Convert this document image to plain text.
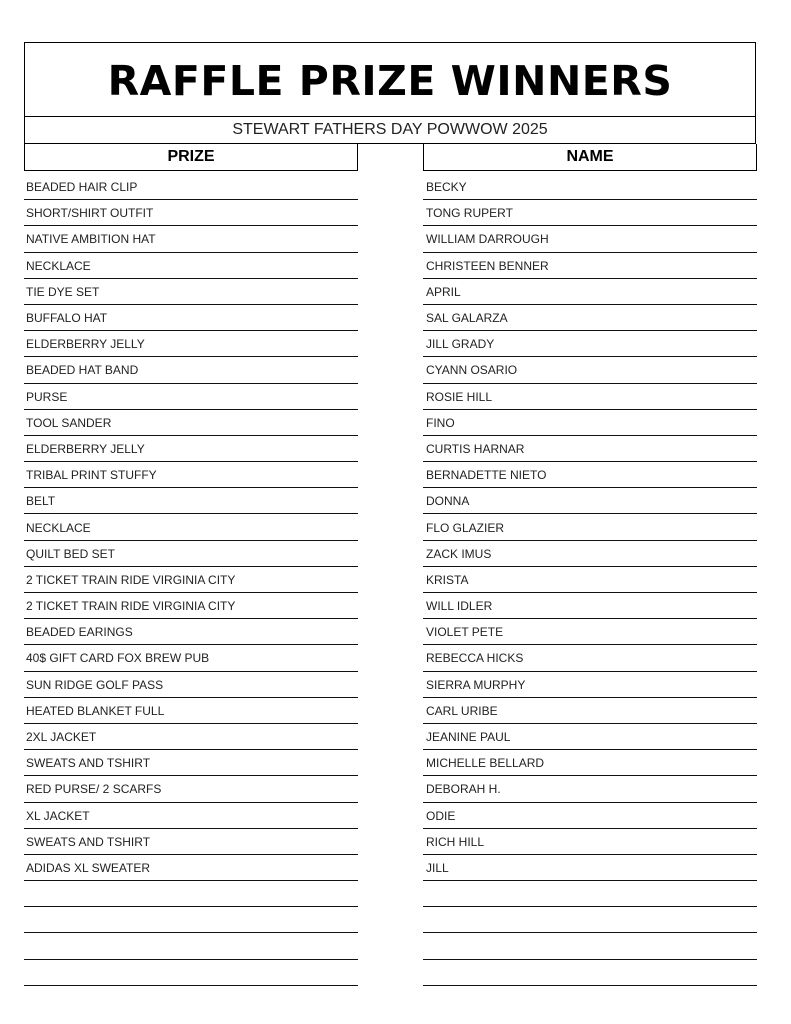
RAFFLE PRIZE WINNERS
STEWART FATHERS DAY POWWOW 2025
PRIZE	NAME
BEADED HAIR CLIP
SHORT/SHIRT OUTFIT
NATIVE AMBITION HAT
NECKLACE
TIE DYE SET
BUFFALO HAT
ELDERBERRY JELLY
BEADED HAT BAND
PURSE
TOOL SANDER
ELDERBERRY JELLY
TRIBAL PRINT STUFFY
BELT
NECKLACE
QUILT BED SET
2 TICKET TRAIN RIDE VIRGINIA CITY
2 TICKET TRAIN RIDE VIRGINIA CITY
BEADED EARINGS
40$ GIFT CARD FOX BREW PUB
SUN RIDGE GOLF PASS
HEATED BLANKET FULL
2XL JACKET
SWEATS AND TSHIRT
RED PURSE/ 2 SCARFS
XL JACKET
SWEATS AND TSHIRT
ADIDAS XL SWEATER
BECKY
TONG RUPERT
WILLIAM DARROUGH
CHRISTEEN BENNER
APRIL
SAL GALARZA
JILL GRADY
CYANN OSARIO
ROSIE HILL
FINO
CURTIS HARNAR
BERNADETTE NIETO
DONNA
FLO GLAZIER
ZACK IMUS
KRISTA
WILL IDLER
VIOLET PETE
REBECCA HICKS
SIERRA MURPHY
CARL URIBE
JEANINE PAUL
MICHELLE BELLARD
DEBORAH H.
ODIE
RICH HILL
JILL
